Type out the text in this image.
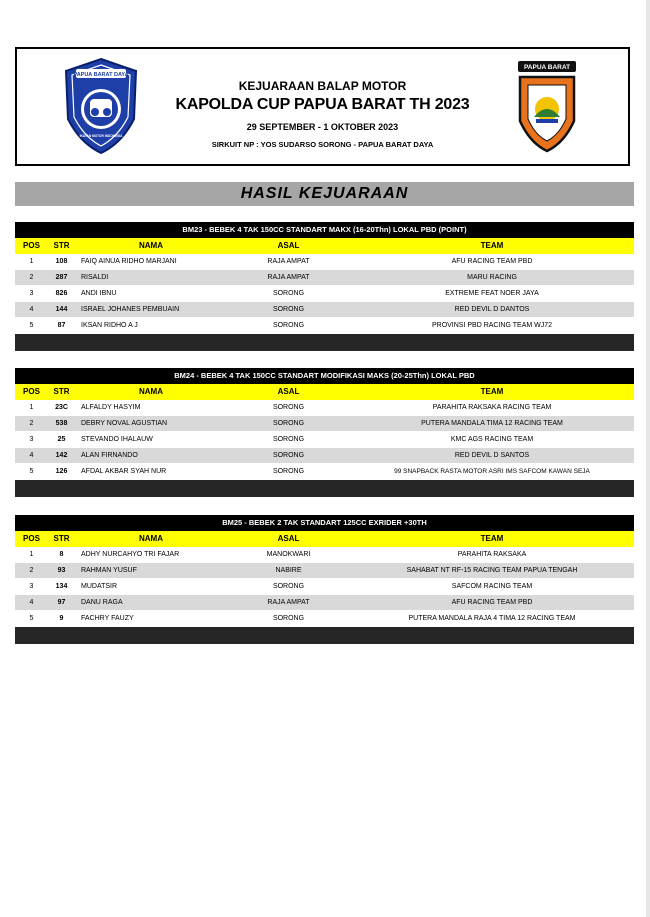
PAPUA BARAT DAYA
IKATAN MOTOR INDONESIA
KEJUARAAN BALAP MOTOR
KAPOLDA CUP PAPUA BARAT TH 2023
29 SEPTEMBER - 1 OKTOBER 2023
SIRKUIT NP : YOS SUDARSO SORONG - PAPUA BARAT DAYA
PAPUA BARAT
HASIL KEJUARAAN
BM23 - BEBEK 4 TAK 150CC STANDART MAKX (16-20Thn) LOKAL PBD (POINT)
POS	STR	NAMA	ASAL	TEAM
1	108	FAIQ AINUA RIDHO MARJANI	RAJA AMPAT	AFU RACING TEAM PBD
2	287	RISALDI	RAJA AMPAT	MARU RACING
3	826	ANDI IBNU	SORONG	EXTREME FEAT NOER JAYA
4	144	ISRAEL JOHANES PEMBUAIN	SORONG	RED DEVIL D DANTOS
5	87	IKSAN RIDHO A J	SORONG	PROVINSI PBD RACING TEAM WJ72
BM24 - BEBEK 4 TAK 150CC STANDART MODIFIKASI MAKS (20-25Thn) LOKAL PBD
POS	STR	NAMA	ASAL	TEAM
1	23C	ALFALDY HASYIM	SORONG	PARAHITA RAKSAKA RACING TEAM
2	538	DEBRY NOVAL AGUSTIAN	SORONG	PUTERA MANDALA TIMA 12 RACING TEAM
3	25	STEVANDO IHALAUW	SORONG	KMC AGS RACING TEAM
4	142	ALAN FIRNANDO	SORONG	RED DEVIL D SANTOS
5	126	AFDAL AKBAR SYAH NUR	SORONG	99 SNAPBACK RASTA MOTOR ASRI IMS SAFCOM KAWAN SEJA
BM25 - BEBEK 2 TAK STANDART 125CC EXRIDER +30TH
POS	STR	NAMA	ASAL	TEAM
1	8	ADHY NURCAHYO TRI FAJAR	MANOKWARI	PARAHITA RAKSAKA
2	93	RAHMAN YUSUF	NABIRE	SAHABAT NT RF-15 RACING TEAM PAPUA TENGAH
3	134	MUDATSIR	SORONG	SAFCOM RACING TEAM
4	97	DANU RAGA	RAJA AMPAT	AFU RACING TEAM PBD
5	9	FACHRY FAUZY	SORONG	PUTERA MANDALA RAJA 4 TIMA 12 RACING TEAM
